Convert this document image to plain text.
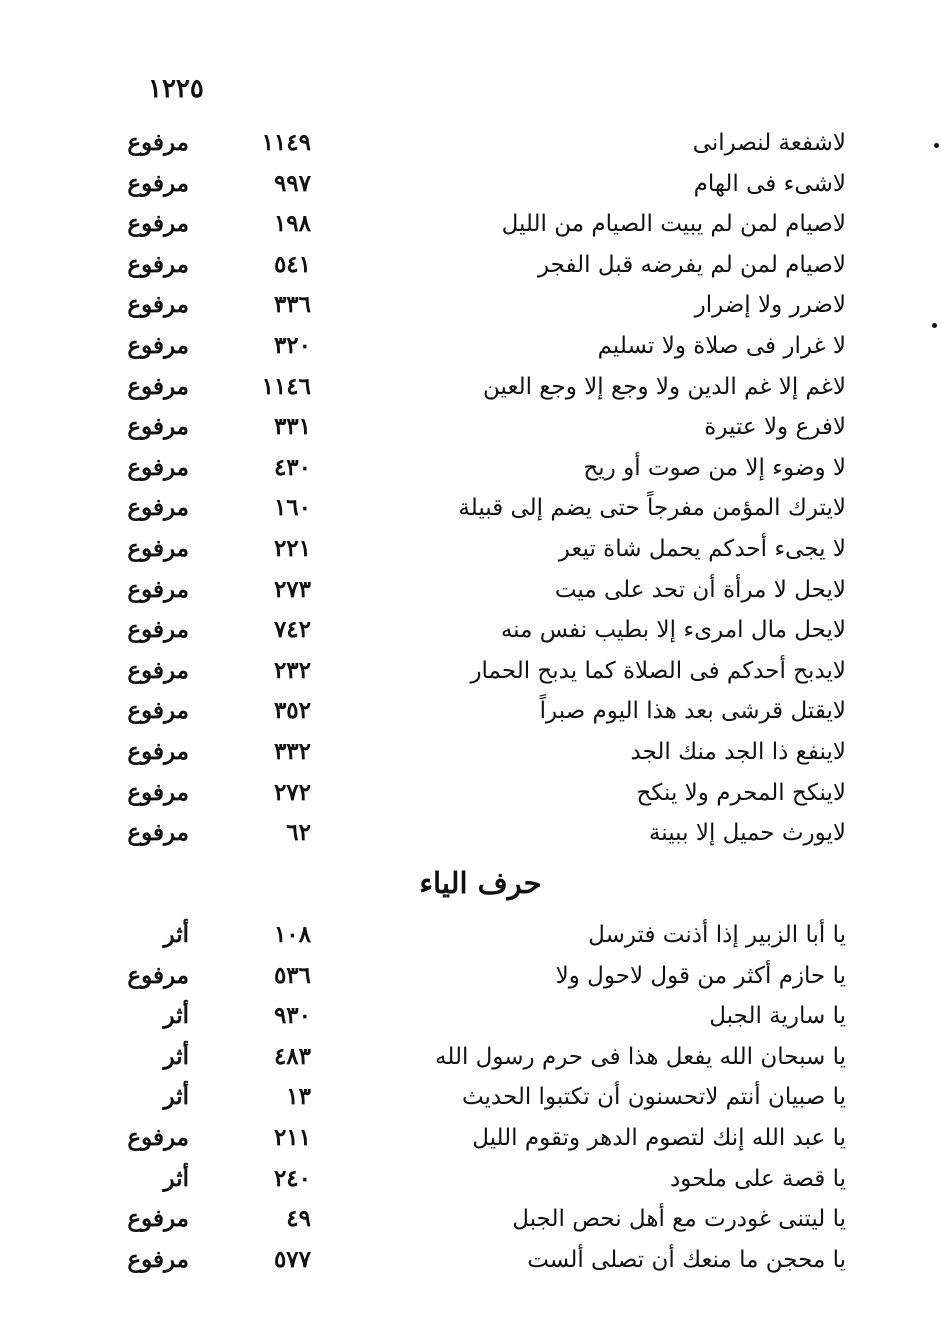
١٢٢٥
لاشفعة لنصرانى
١١٤٩
مرفوع
لاشىء فى الهام
٩٩٧
مرفوع
لاصيام لمن لم يبيت الصيام من الليل
١٩٨
مرفوع
لاصيام لمن لم يفرضه قبل الفجر
٥٤١
مرفوع
لاضرر ولا إضرار
٣٣٦
مرفوع
لا غرار فى صلاة ولا تسليم
٣٢٠
مرفوع
لاغم إلا غم الدين ولا وجع إلا وجع العين
١١٤٦
مرفوع
لافرع ولا عتيرة
٣٣١
مرفوع
لا وضوء إلا من صوت أو ريح
٤٣٠
مرفوع
لايترك المؤمن مفرجاً حتى يضم إلى قبيلة
١٦٠
مرفوع
لا يجىء أحدكم يحمل شاة تيعر
٢٢١
مرفوع
لايحل لا مرأة أن تحد على ميت
٢٧٣
مرفوع
لايحل مال امرىء إلا بطيب نفس منه
٧٤٢
مرفوع
لايدبح أحدكم فى الصلاة كما يدبح الحمار
٢٣٢
مرفوع
لايقتل قرشى بعد هذا اليوم صبراً
٣٥٢
مرفوع
لاينفع ذا الجد منك الجد
٣٣٢
مرفوع
لاينكح المحرم ولا ينكح
٢٧٢
مرفوع
لايورث حميل إلا ببينة
٦٢
مرفوع
حرف الياء
يا أبا الزبير إذا أذنت فترسل
١٠٨
أثر
يا حازم أكثر من قول لاحول ولا
٥٣٦
مرفوع
يا سارية الجبل
٩٣٠
أثر
يا سبحان الله يفعل هذا فى حرم رسول الله
٤٨٣
أثر
يا صبيان أنتم لاتحسنون أن تكتبوا الحديث
١٣
أثر
يا عبد الله إنك لتصوم الدهر وتقوم الليل
٢١١
مرفوع
يا قصة على ملحود
٢٤٠
أثر
يا ليتنى غودرت مع أهل نحص الجبل
٤٩
مرفوع
يا محجن ما منعك أن تصلى ألست
٥٧٧
مرفوع
